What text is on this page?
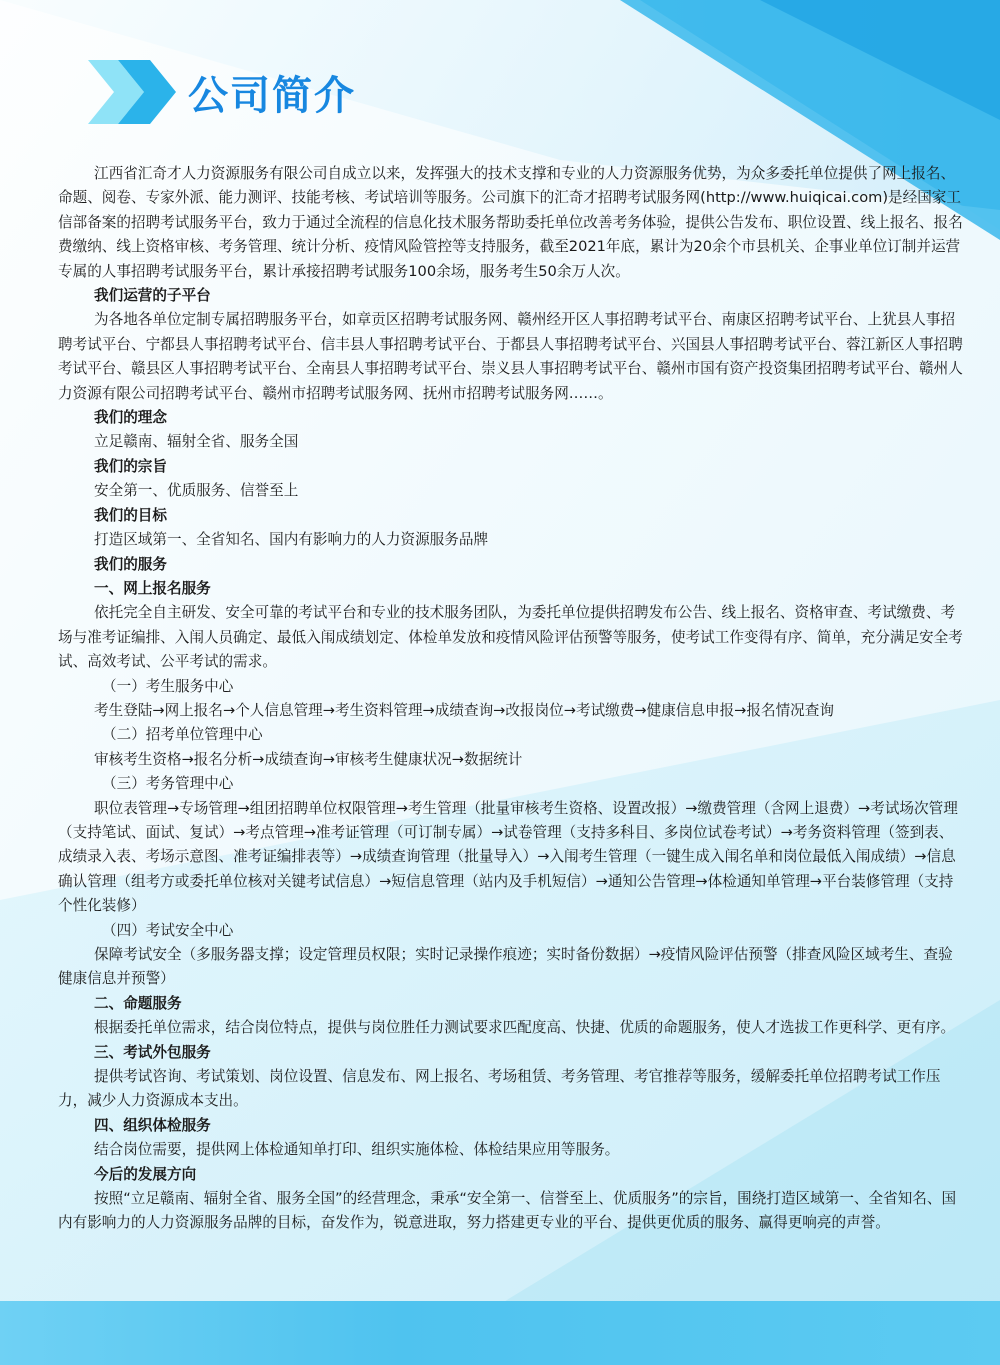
公司简介

江西省汇奇才人力资源服务有限公司自成立以来，发挥强大的技术支撑和专业的人力资源服务优势，为众多委托单位提供了网上报名、命题、阅卷、专家外派、能力测评、技能考核、考试培训等服务。公司旗下的汇奇才招聘考试服务网(http://www.huiqicai.com)是经国家工信部备案的招聘考试服务平台，致力于通过全流程的信息化技术服务帮助委托单位改善考务体验，提供公告发布、职位设置、线上报名、报名费缴纳、线上资格审核、考务管理、统计分析、疫情风险管控等支持服务，截至2021年底，累计为20余个市县机关、企事业单位订制并运营专属的人事招聘考试服务平台，累计承接招聘考试服务100余场，服务考生50余万人次。

我们运营的子平台

为各地各单位定制专属招聘服务平台，如章贡区招聘考试服务网、赣州经开区人事招聘考试平台、南康区招聘考试平台、上犹县人事招聘考试平台、宁都县人事招聘考试平台、信丰县人事招聘考试平台、于都县人事招聘考试平台、兴国县人事招聘考试平台、蓉江新区人事招聘考试平台、赣县区人事招聘考试平台、全南县人事招聘考试平台、崇义县人事招聘考试平台、赣州市国有资产投资集团招聘考试平台、赣州人力资源有限公司招聘考试平台、赣州市招聘考试服务网、抚州市招聘考试服务网……。

我们的理念

立足赣南、辐射全省、服务全国

我们的宗旨

安全第一、优质服务、信誉至上

我们的目标

打造区域第一、全省知名、国内有影响力的人力资源服务品牌

我们的服务

一、网上报名服务

依托完全自主研发、安全可靠的考试平台和专业的技术服务团队，为委托单位提供招聘发布公告、线上报名、资格审查、考试缴费、考场与准考证编排、入闱人员确定、最低入闱成绩划定、体检单发放和疫情风险评估预警等服务，使考试工作变得有序、简单，充分满足安全考试、高效考试、公平考试的需求。

（一）考生服务中心

考生登陆→网上报名→个人信息管理→考生资料管理→成绩查询→改报岗位→考试缴费→健康信息申报→报名情况查询

（二）招考单位管理中心

审核考生资格→报名分析→成绩查询→审核考生健康状况→数据统计

（三）考务管理中心

职位表管理→专场管理→组团招聘单位权限管理→考生管理（批量审核考生资格、设置改报）→缴费管理（含网上退费）→考试场次管理（支持笔试、面试、复试）→考点管理→准考证管理（可订制专属）→试卷管理（支持多科目、多岗位试卷考试）→考务资料管理（签到表、成绩录入表、考场示意图、准考证编排表等）→成绩查询管理（批量导入）→入闱考生管理（一键生成入闱名单和岗位最低入闱成绩）→信息确认管理（组考方或委托单位核对关键考试信息）→短信息管理（站内及手机短信）→通知公告管理→体检通知单管理→平台装修管理（支持个性化装修）

（四）考试安全中心

保障考试安全（多服务器支撑；设定管理员权限；实时记录操作痕迹；实时备份数据）→疫情风险评估预警（排查风险区域考生、查验健康信息并预警）

二、命题服务

根据委托单位需求，结合岗位特点，提供与岗位胜任力测试要求匹配度高、快捷、优质的命题服务，使人才选拔工作更科学、更有序。

三、考试外包服务

提供考试咨询、考试策划、岗位设置、信息发布、网上报名、考场租赁、考务管理、考官推荐等服务，缓解委托单位招聘考试工作压力，减少人力资源成本支出。

四、组织体检服务

结合岗位需要，提供网上体检通知单打印、组织实施体检、体检结果应用等服务。

今后的发展方向

按照“立足赣南、辐射全省、服务全国”的经营理念，秉承“安全第一、信誉至上、优质服务”的宗旨，围绕打造区域第一、全省知名、国内有影响力的人力资源服务品牌的目标，奋发作为，锐意进取，努力搭建更专业的平台、提供更优质的服务、赢得更响亮的声誉。
